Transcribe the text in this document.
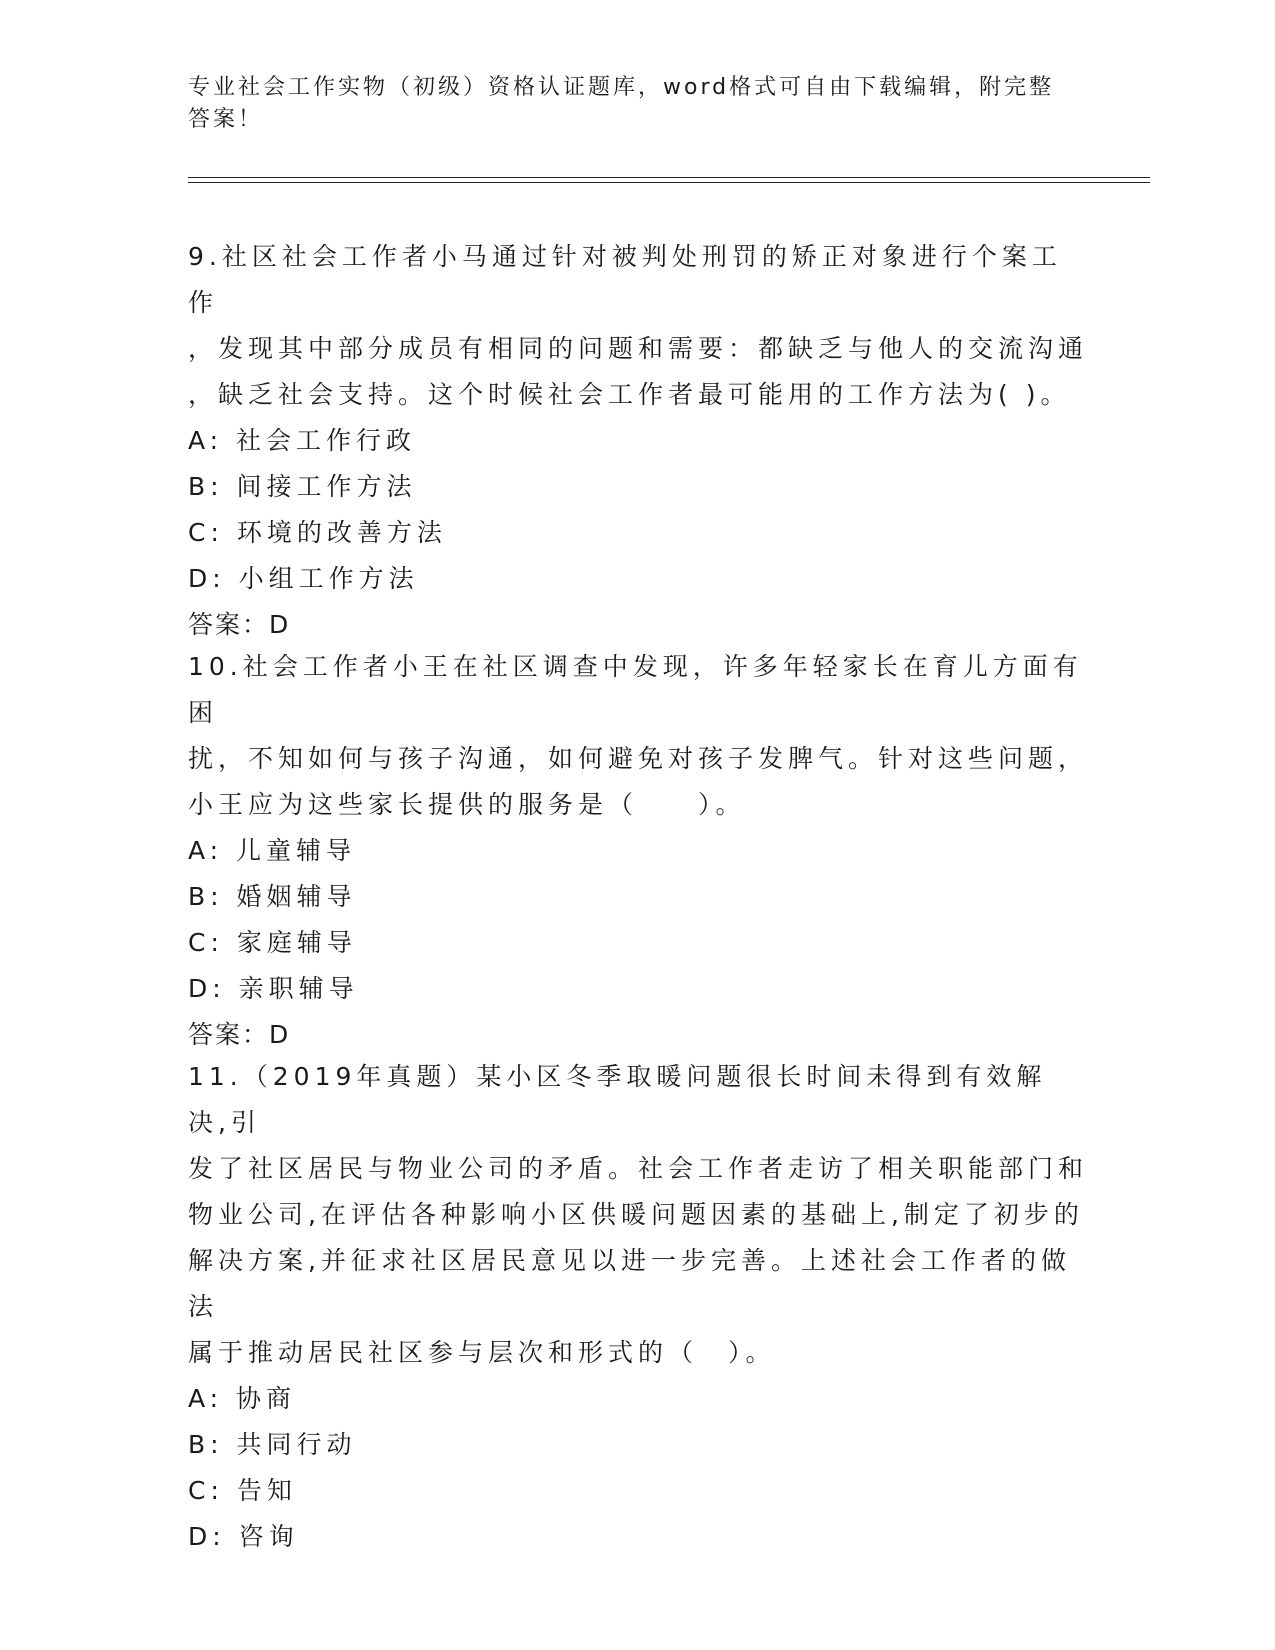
专业社会工作实物（初级）资格认证题库，word格式可自由下载编辑，附完整答案！

9.社区社会工作者小马通过针对被判处刑罚的矫正对象进行个案工作

，发现其中部分成员有相同的问题和需要：都缺乏与他人的交流沟通

，缺乏社会支持。这个时候社会工作者最可能用的工作方法为( )。

A: 社会工作行政

B: 间接工作方法

C: 环境的改善方法

D: 小组工作方法

答案：D

10.社会工作者小王在社区调查中发现，许多年轻家长在育儿方面有困

扰，不知如何与孩子沟通，如何避免对孩子发脾气。针对这些问题，

小王应为这些家长提供的服务是（　　）。

A: 儿童辅导

B: 婚姻辅导

C: 家庭辅导

D: 亲职辅导

答案：D

11.（2019年真题）某小区冬季取暖问题很长时间未得到有效解决,引

发了社区居民与物业公司的矛盾。社会工作者走访了相关职能部门和

物业公司,在评估各种影响小区供暖问题因素的基础上,制定了初步的

解决方案,并征求社区居民意见以进一步完善。上述社会工作者的做法

属于推动居民社区参与层次和形式的（　）。

A: 协商

B: 共同行动

C: 告知

D: 咨询
